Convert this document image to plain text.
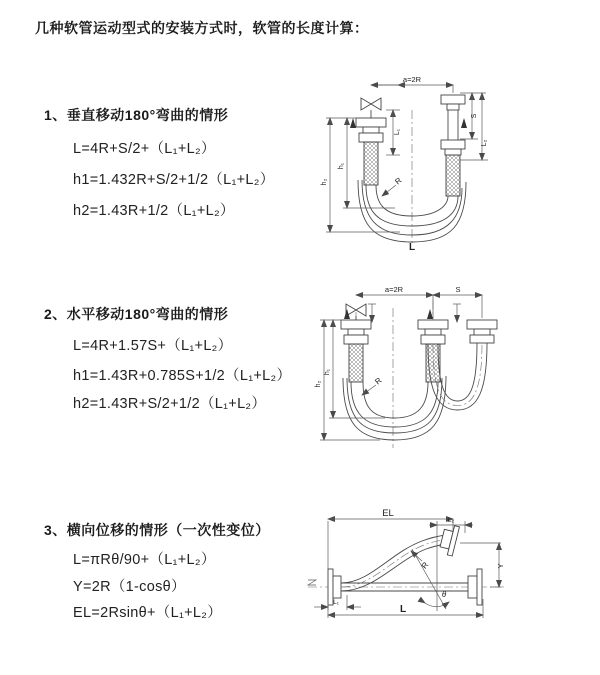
几种软管运动型式的安装方式时，软管的长度计算：
1、垂直移动180°弯曲的情形
L=4R+S/2+（L₁+L₂）
h1=1.432R+S/2+1/2（L₁+L₂）
h2=1.43R+1/2（L₁+L₂）
2、水平移动180°弯曲的情形
L=4R+1.57S+（L₁+L₂）
h1=1.43R+0.785S+1/2（L₁+L₂）
h2=1.43R+S/2+1/2（L₁+L₂）
3、横向位移的情形（一次性变位）
L=πRθ/90+（L₁+L₂）
Y=2R（1-cosθ）
EL=2Rsinθ+（L₁+L₂）
a=2R
L₁
S
L₂
h₁
h₂	R
L
a=2R	S
h₁
h₂	R
EL
L₂
θ
R	Y
L₁
L
